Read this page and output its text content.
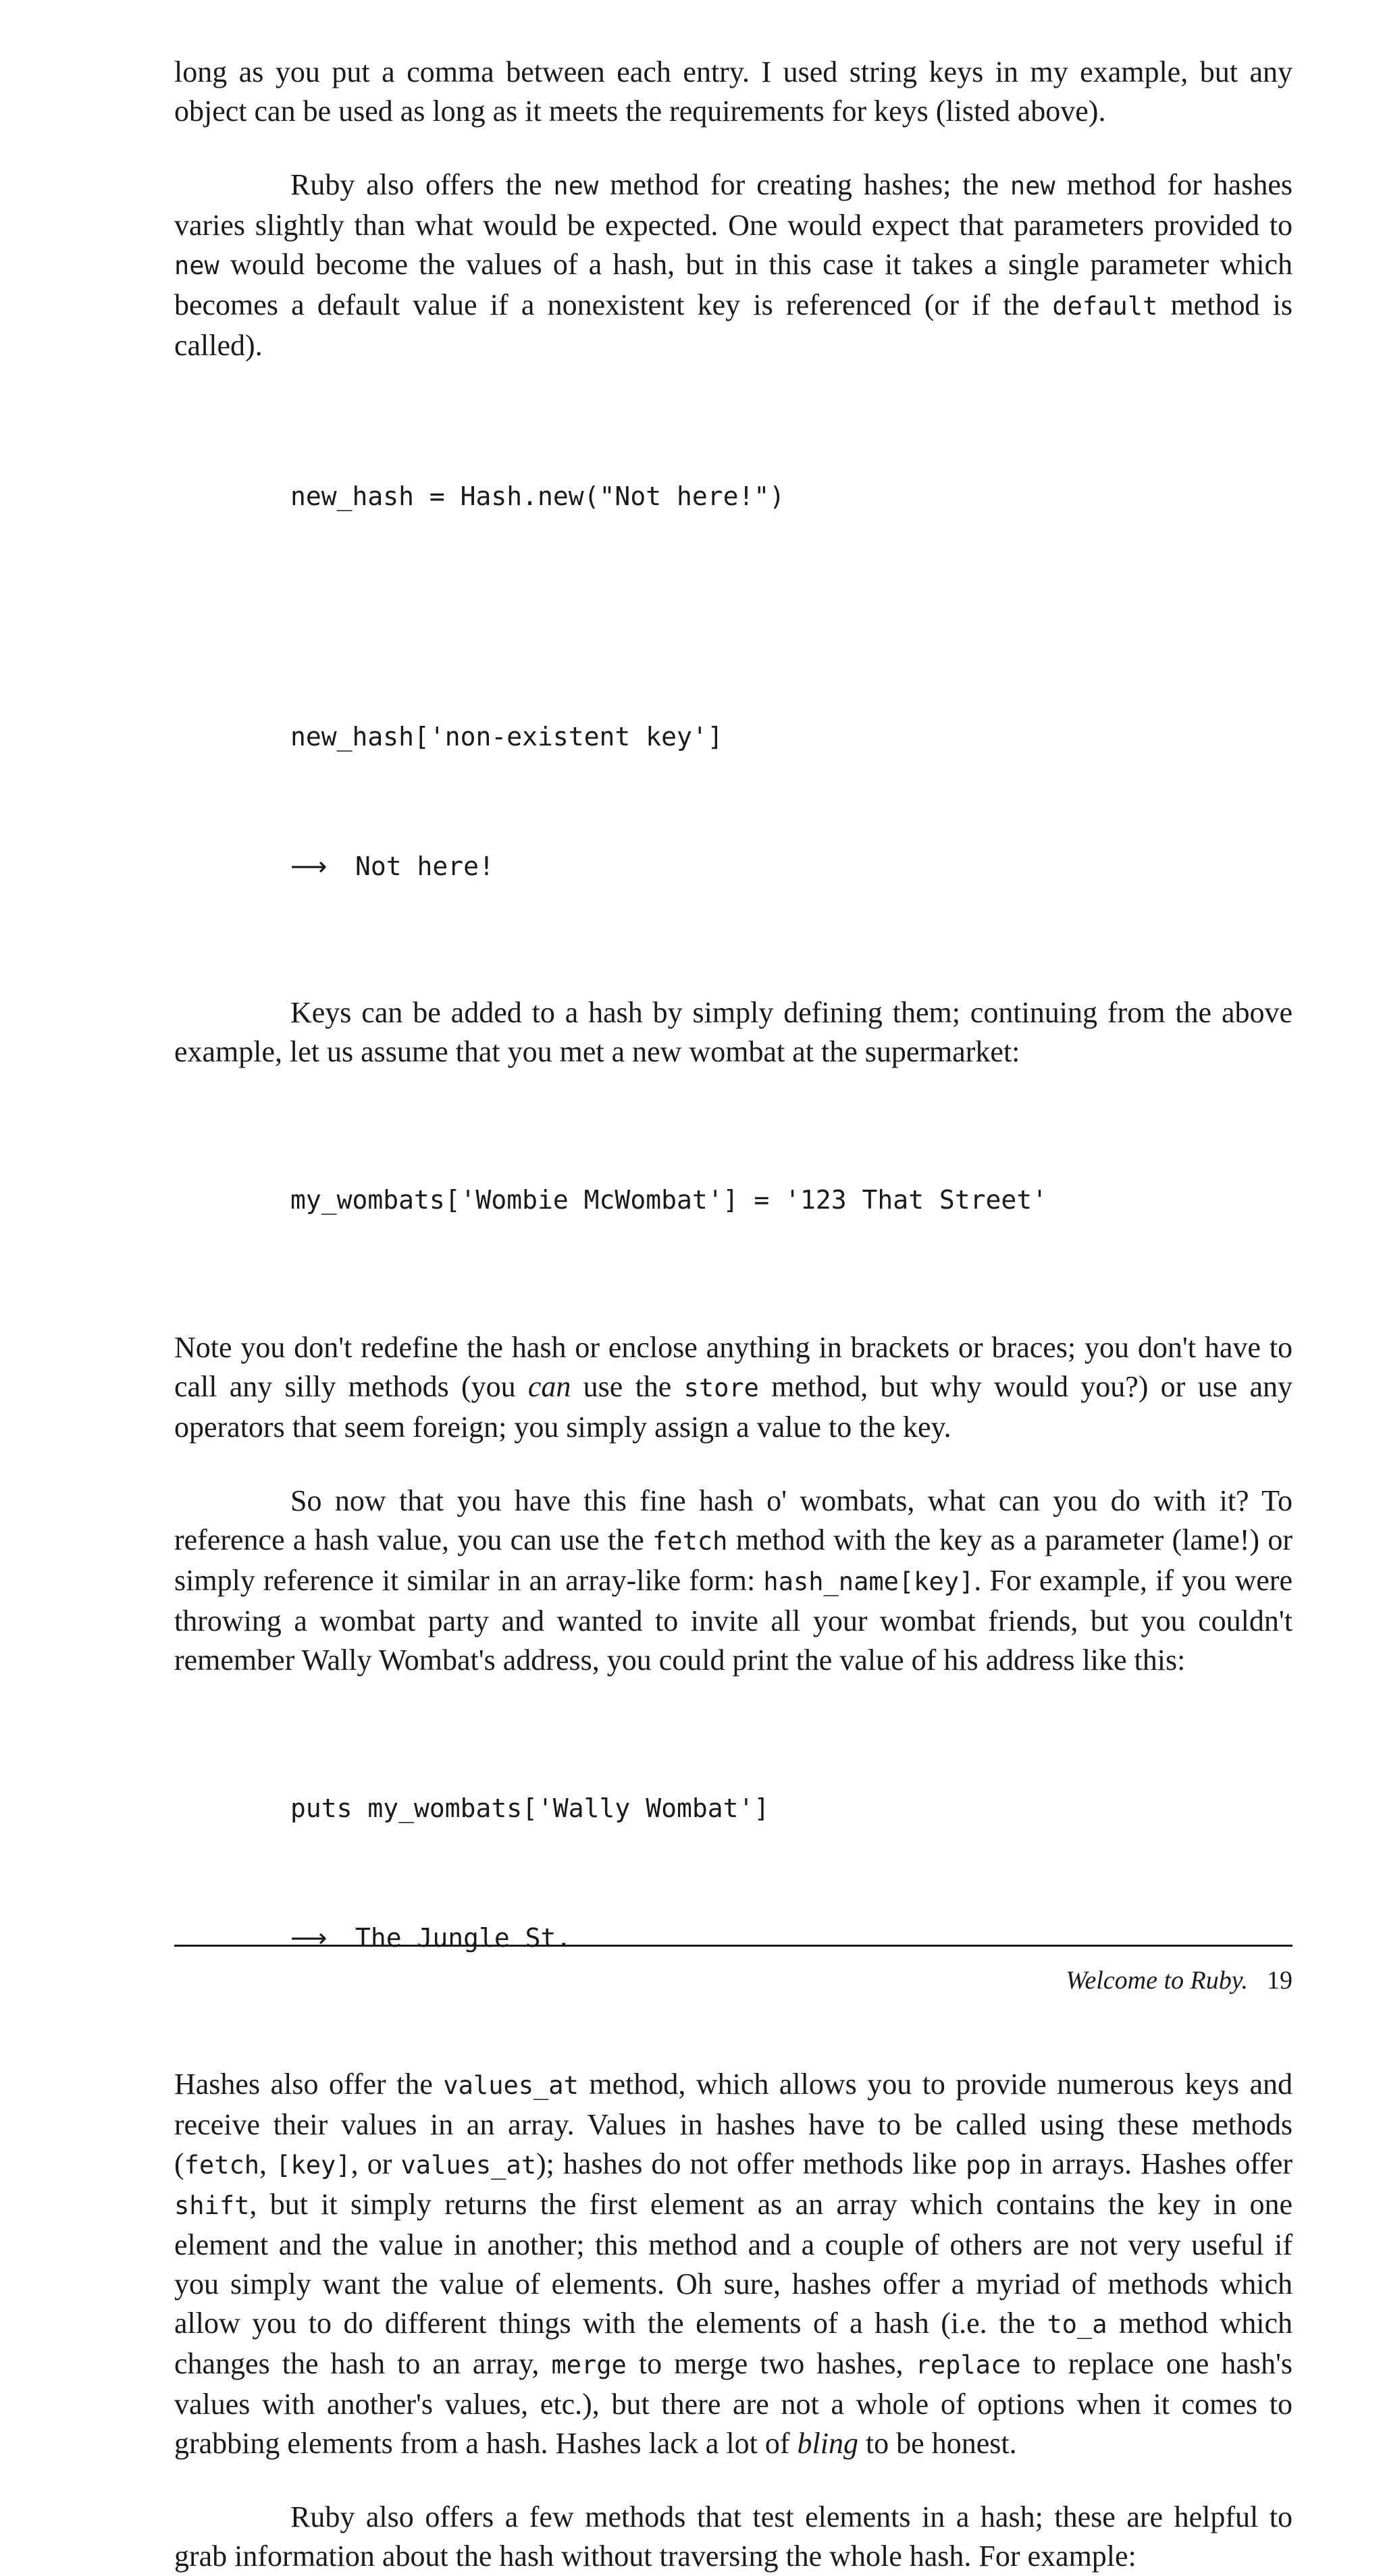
long as you put a comma between each entry. I used string keys in my example, but any object can be used as long as it meets the requirements for keys (listed above).

Ruby also offers the new method for creating hashes; the new method for hashes varies slightly than what would be expected. One would expect that parameters provided to new would become the values of a hash, but in this case it takes a single parameter which becomes a default value if a nonexistent key is referenced (or if the default method is called).

new_hash = Hash.new("Not here!")

new_hash['non-existent key']

⟶ Not here!

Keys can be added to a hash by simply defining them; continuing from the above example, let us assume that you met a new wombat at the supermarket:

my_wombats['Wombie McWombat'] = '123 That Street'

Note you don't redefine the hash or enclose anything in brackets or braces; you don't have to call any silly methods (you can use the store method, but why would you?) or use any operators that seem foreign; you simply assign a value to the key.

So now that you have this fine hash o' wombats, what can you do with it? To reference a hash value, you can use the fetch method with the key as a parameter (lame!) or simply reference it similar in an array-like form: hash_name[key]. For example, if you were throwing a wombat party and wanted to invite all your wombat friends, but you couldn't remember Wally Wombat's address, you could print the value of his address like this:

puts my_wombats['Wally Wombat']

⟶ The Jungle St.

Hashes also offer the values_at method, which allows you to provide numerous keys and receive their values in an array. Values in hashes have to be called using these methods (fetch, [key], or values_at); hashes do not offer methods like pop in arrays. Hashes offer shift, but it simply returns the first element as an array which contains the key in one element and the value in another; this method and a couple of others are not very useful if you simply want the value of elements. Oh sure, hashes offer a myriad of methods which allow you to do different things with the elements of a hash (i.e. the to_a method which changes the hash to an array, merge to merge two hashes, replace to replace one hash's values with another's values, etc.), but there are not a whole of options when it comes to grabbing elements from a hash. Hashes lack a lot of bling to be honest.

Ruby also offers a few methods that test elements in a hash; these are helpful to grab information about the hash without traversing the whole hash. For example:

Welcome to Ruby. 19
